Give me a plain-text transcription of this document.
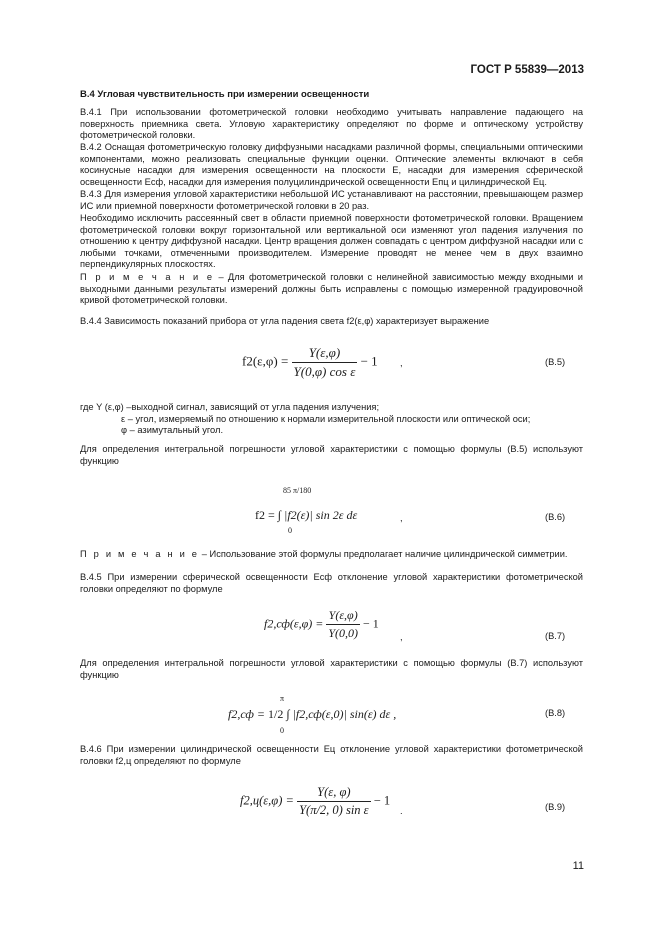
ГОСТ Р 55839—2013
В.4 Угловая чувствительность при измерении освещенности

В.4.1 При использовании фотометрической головки необходимо учитывать направление падающего на поверхность приемника света. Угловую характеристику определяют по форме и оптическому устройству фотометрической головки.

В.4.2 Оснащая фотометрическую головку диффузными насадками различной формы, специальными оптическими компонентами, можно реализовать специальные функции оценки. Оптические элементы включают в себя косинусные насадки для измерения освещенности на плоскости E, насадки для измерения сферической освещенности Eсф, насадки для измерения полуцилиндрической освещенности Eпц и цилиндрической Eц.

В.4.3 Для измерения угловой характеристики небольшой ИС устанавливают на расстоянии, превышающем размер ИС или приемной поверхности фотометрической головки в 20 раз.

Необходимо исключить рассеянный свет в области приемной поверхности фотометрической головки. Вращением фотометрической головки вокруг горизонтальной или вертикальной оси изменяют угол падения излучения по отношению к центру диффузной насадки. Центр вращения должен совпадать с центром диффузной насадки или с любыми точками, отмеченными производителем. Измерение проводят не менее чем в двух взаимно перпендикулярных плоскостях.

П р и м е ч а н и е – Для фотометрической головки с нелинейной зависимостью между входными и выходными данными результаты измерений должны быть исправлены с помощью измеренной градуировочной кривой фотометрической головки.

В.4.4 Зависимость показаний прибора от угла падения света f2(ε,φ) характеризует выражение

$f2(\varepsilon,\varphi) = \frac{Y(\varepsilon,\varphi)}{\text{Y(0,φ) cos ε}} - 1$ ,	(В.5)
где Y (ε,φ) –выходной сигнал, зависящий от угла падения излучения;
ε – угол, измеряемый по отношению к нормали измерительной плоскости или оптической оси;
φ – азимутальный угол.

Для определения интегральной погрешности угловой характеристики с помощью формулы (В.5) используют функцию

85 π/180
0
f2 = ∫ |f2(ε)| sin 2ε dε	,	(В.6)

П р и м е ч а н и е – Использование этой формулы предполагает наличие цилиндрической симметрии.

В.4.5 При измерении сферической освещенности Eсф отклонение угловой характеристики фотометрической головки определяют по формуле

$f2,сф(\varepsilon,\varphi) = \frac{Y(\varepsilon,\varphi)}{Y(0,0)} - 1$
,	(В.7)

Для определения интегральной погрешности угловой характеристики с помощью формулы (В.7) используют функцию

π
0
f2,сф = 1/2 ∫ |f2,сф(ε,0)| sin(ε) dε ,	(В.8)

В.4.6 При измерении цилиндрической освещенности Eц отклонение угловой характеристики фотометрической головки f2,ц определяют по формуле

$f2,ц(\varepsilon,\varphi) = \frac{Y(\varepsilon, \varphi)}{\text{Y(π/2, 0) sin ε}} - 1$
.	(В.9)
11
